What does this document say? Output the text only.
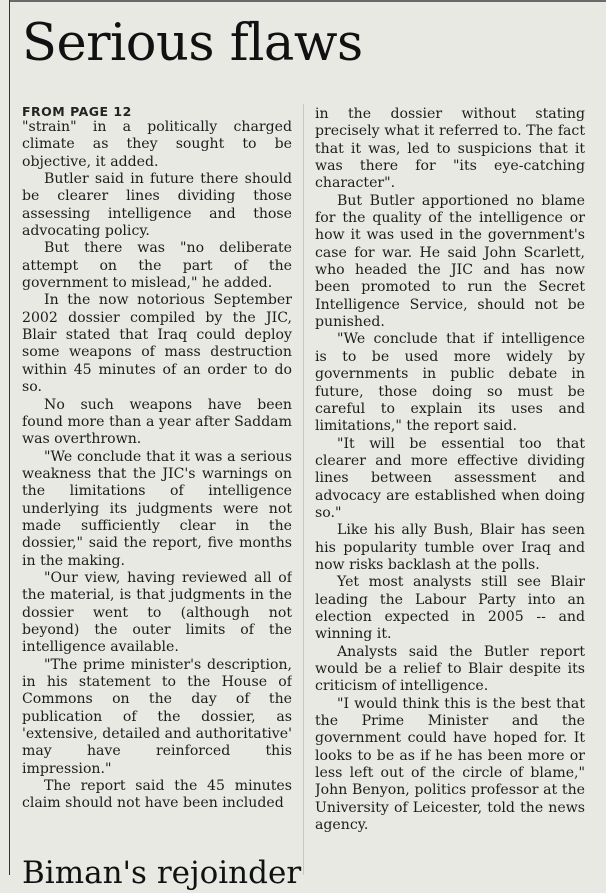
Serious flaws
FROM PAGE 12

"strain" in a politically charged climate as they sought to be objective, it added.

Butler said in future there should be clearer lines dividing those assessing intelligence and those advocating policy.

But there was "no deliberate attempt on the part of the government to mislead," he added.

In the now notorious September 2002 dossier compiled by the JIC, Blair stated that Iraq could deploy some weapons of mass destruction within 45 minutes of an order to do so.

No such weapons have been found more than a year after Saddam was overthrown.

"We conclude that it was a serious weakness that the JIC's warnings on the limitations of intelligence underlying its judgments were not made sufficiently clear in the dossier," said the report, five months in the making.

"Our view, having reviewed all of the material, is that judgments in the dossier went to (although not beyond) the outer limits of the intelligence available.

"The prime minister's description, in his statement to the House of Commons on the day of the publication of the dossier, as 'extensive, detailed and authoritative' may have reinforced this impression."

The report said the 45 minutes claim should not have been included

in the dossier without stating precisely what it referred to. The fact that it was, led to suspicions that it was there for "its eye-catching character".

But Butler apportioned no blame for the quality of the intelligence or how it was used in the government's case for war. He said John Scarlett, who headed the JIC and has now been promoted to run the Secret Intelligence Service, should not be punished.

"We conclude that if intelligence is to be used more widely by governments in public debate in future, those doing so must be careful to explain its uses and limitations," the report said.

"It will be essential too that clearer and more effective dividing lines between assessment and advocacy are established when doing so."

Like his ally Bush, Blair has seen his popularity tumble over Iraq and now risks backlash at the polls.

Yet most analysts still see Blair leading the Labour Party into an election expected in 2005 -- and winning it.

Analysts said the Butler report would be a relief to Blair despite its criticism of intelligence.

"I would think this is the best that the Prime Minister and the government could have hoped for. It looks to be as if he has been more or less left out of the circle of blame," John Benyon, politics professor at the University of Leicester, told the news agency.

Biman's rejoinder
